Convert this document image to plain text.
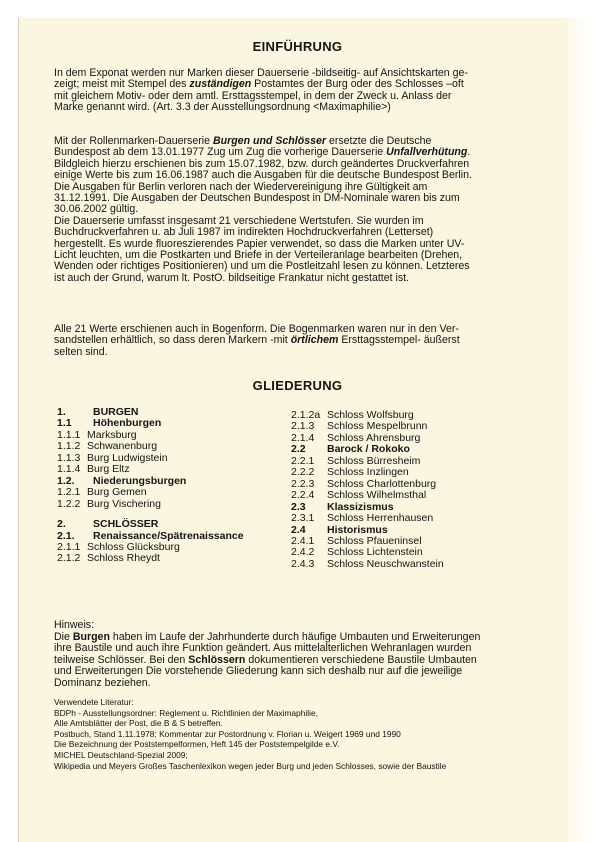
EINFÜHRUNG

In dem Exponat werden nur Marken dieser Dauerserie -bildseitig- auf Ansichtskarten ge-
zeigt; meist mit Stempel des zuständigen Postamtes der Burg oder des Schlosses –oft
mit gleichem Motiv- oder dem amtl. Ersttagsstempel, in dem der Zweck u. Anlass der
Marke genannt wird. (Art. 3.3 der Ausstellungsordnung <Maximaphilie>)

Mit der Rollenmarken-Dauerserie Burgen und Schlösser ersetzte die Deutsche
Bundespost ab dem 13.01.1977 Zug um Zug die vorherige Dauerserie Unfallverhütung.
Bildgleich hierzu erschienen bis zum 15.07.1982, bzw. durch geändertes Druckverfahren
einige Werte bis zum 16.06.1987 auch die Ausgaben für die deutsche Bundespost Berlin.
Die Ausgaben für Berlin verloren nach der Wiedervereinigung ihre Gültigkeit am
31.12.1991. Die Ausgaben der Deutschen Bundespost in DM-Nominale waren bis zum
30.06.2002 gültig.
Die Dauerserie umfasst insgesamt 21 verschiedene Wertstufen. Sie wurden im
Buchdruckverfahren u. ab Juli 1987 im indirekten Hochdruckverfahren (Letterset)
hergestellt. Es wurde fluoreszierendes Papier verwendet, so dass die Marken unter UV-
Licht leuchten, um die Postkarten und Briefe in der Verteileranlage bearbeiten (Drehen,
Wenden oder richtiges Positionieren) und um die Postleitzahl lesen zu können. Letzteres
ist auch der Grund, warum lt. PostO. bildseitige Frankatur nicht gestattet ist.

Alle 21 Werte erschienen auch in Bogenform. Die Bogenmarken waren nur in den Ver-
sandstellen erhältlich, so dass deren Markern -mit örtlichem Ersttagsstempel- äußerst
selten sind.

GLIEDERUNG
1.	BURGEN
1.1	Höhenburgen
1.1.1 Marksburg
1.1.2 Schwanenburg
1.1.3 Burg Ludwigstein
1.1.4 Burg Eltz
1.2.	Niederungsburgen
1.2.1 Burg Gemen
1.2.2 Burg Vischering
2.	SCHLÖSSER
2.1.	Renaissance/Spätrenaissance
2.1.1 Schloss Glücksburg
2.1.2 Schloss Rheydt
2.1.2a Schloss Wolfsburg
2.1.3	Schloss Mespelbrunn
2.1.4	Schloss Ahrensburg
2.2	Barock / Rokoko
2.2.1	Schloss Bürresheim
2.2.2	Schloss Inzlingen
2.2.3	Schloss Charlottenburg
2.2.4	Schloss Wilhelmsthal
2.3	Klassizismus
2.3.1	Schloss Herrenhausen
2.4	Historismus
2.4.1	Schloss Pfaueninsel
2.4.2	Schloss Lichtenstein
2.4.3	Schloss Neuschwanstein

Hinweis:
Die Burgen haben im Laufe der Jahrhunderte durch häufige Umbauten und Erweiterungen
ihre Baustile und auch ihre Funktion geändert. Aus mittelalterlichen Wehranlagen wurden
teilweise Schlösser. Bei den Schlössern dokumentieren verschiedene Baustile Umbauten
und Erweiterungen Die vorstehende Gliederung kann sich deshalb nur auf die jeweilige
Dominanz beziehen.

Verwendete Literatur:
BDPh - Ausstellungsordner: Reglement u. Richtlinien der Maximaphilie,
Alle Amtsblätter der Post, die B & S betreffen.
Postbuch, Stand 1.11.1978; Kommentar zur Postordnung v. Florian u. Weigert 1969 und 1990
Die Bezeichnung der Poststempelformen, Heft 145 der Poststempelgilde e.V.
MICHEL Deutschland-Spezial 2009;
Wikipedia und Meyers Großes Taschenlexikon wegen jeder Burg und jeden Schlosses, sowie der Baustile
